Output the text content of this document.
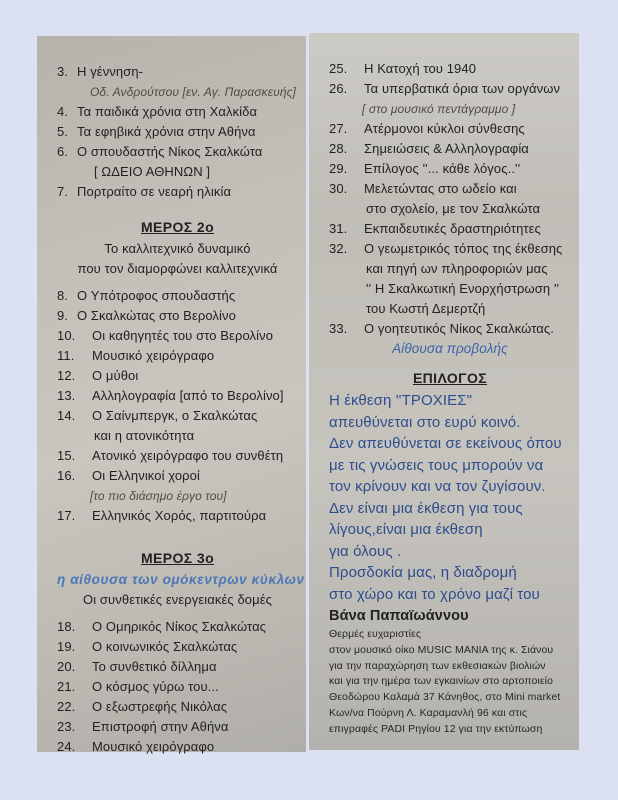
3. Η γέννηση-
Οδ. Ανδρούτσου [εν. Αγ. Παρασκευής]
4. Τα παιδικά χρόνια στη Χαλκίδα
5. Τα εφηβικά χρόνια στην Αθήνα
6. Ο σπουδαστής Νίκος Σκαλκώτα
[ ΩΔΕΙΟ ΑΘΗΝΩΝ ]
7. Πορτραίτο σε νεαρή ηλικία
ΜΕΡΟΣ 2ο
Το καλλιτεχνικό δυναμικό
που τον διαμορφώνει καλλιτεχνικά
8. Ο Υπότροφος σπουδαστής
9. Ο Σκαλκώτας στο Βερολίνο
10.	Οι καθηγητές του στο Βερολίνο
11.	Μουσικό χειρόγραφο
12.	Ο μύθοι
13.	Αλληλογραφία [από το Βερολίνο]
14.	Ο Σαίνμπεργκ, ο Σκαλκώτας
και η ατονικότητα
15.	Ατονικό χειρόγραφο του συνθέτη
16.	Οι Ελληνικοί χοροί
[το πιο διάσημο έργο του]
17.	Ελληνικός Χορός, παρτιτούρα
ΜΕΡΟΣ 3ο
η αίθουσα των ομόκεντρων κύκλων
Οι συνθετικές ενεργειακές δομές
18.	Ο Ομηρικός Νίκος Σκαλκώτας
19.	Ο κοινωνικός Σκαλκώτας
20.	Το συνθετικό δίλλημα
21.	Ο κόσμος γύρω του...
22.	Ο εξωστρεφής Νικόλας
23.	Επιστροφή στην Αθήνα
24.	Μουσικό χειρόγραφο
25.	Η Κατοχή του 1940
26.	Τα υπερβατικά όρια των οργάνων
[ στο μουσικό πεντάγραμμο ]
27.	Ατέρμονοι κύκλοι σύνθεσης
28.	Σημειώσεις & Αλληλογραφία
29.	Επίλογος ''... κάθε λόγος..''
30.	Μελετώντας στο ωδείο και
στο σχολείο, με τον Σκαλκώτα
31.	Εκπαιδευτικές δραστηριότητες
32.	Ο γεωμετρικός τόπος της έκθεσης
και πηγή ων πληροφοριών μας
'' Η Σκαλκωτική Ενορχήστρωση ''
του Κωστή Δεμερτζή
33.	Ο γοητευτικός Νίκος Σκαλκώτας.
Αίθουσα προβολής
ΕΠΙΛΟΓΟΣ
Η έκθεση ''ΤΡΟΧΙΕΣ"
απευθύνεται στο ευρύ κοινό.
Δεν απευθύνεται σε εκείνους όπου
με τις γνώσεις τους μπορούν να
τον κρίνουν και να τον ζυγίσουν.
Δεν είναι μια έκθεση για τους
λίγους,είναι μια έκθεση
για όλους .
Προσδοκία μας, η διαδρομή
στο χώρο και το χρόνο μαζί του
Βάνα Παπαϊωάννου
Θερμές ευχαριστίες
στον μουσικό οίκο MUSIC MANIA της κ. Σιάνου
για την παραχώρηση των εκθεσιακών βιολιών
και για την ημέρα των εγκαινίων στο αρτοποιείο
Θεοδώρου Καλαμά 37 Κάνηθος, στο Mini market
Κων/να Πούρνη Λ. Καραμανλή 96 και στις
επιγραφές PADI Ρηγίου 12 για την εκτύπωση
